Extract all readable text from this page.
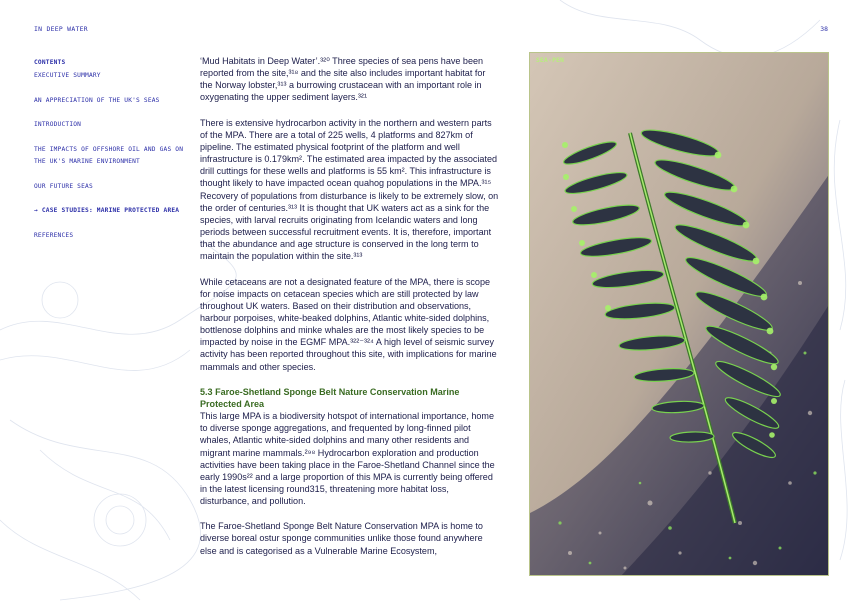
IN DEEP WATER	38
CONTENTS
EXECUTIVE SUMMARY
AN APPRECIATION OF THE UK'S SEAS
INTRODUCTION
THE IMPACTS OF OFFSHORE OIL AND GAS ON THE UK'S MARINE ENVIRONMENT
OUR FUTURE SEAS
→ CASE STUDIES: MARINE PROTECTED AREA
REFERENCES

‘Mud Habitats in Deep Water’.³²⁰ Three species of sea pens have been reported from the site,³¹⁸ and the site also includes important habitat for the Norway lobster,³¹³ a burrowing crustacean with an important role in oxygenating the upper sediment layers.³²¹

There is extensive hydrocarbon activity in the northern and western parts of the MPA. There are a total of 225 wells, 4 platforms and 827km of pipeline. The estimated physical footprint of the platform and well infrastructure is 0.179km². The estimated area impacted by the associated drill cuttings for these wells and platforms is 55 km². This infrastructure is thought likely to have impacted ocean quahog populations in the MPA.³¹⁵ Recovery of populations from disturbance is likely to be extremely slow, on the order of centuries.³¹³ It is thought that UK waters act as a sink for the species, with larval recruits originating from Icelandic waters and long periods between successful recruitment events. It is, therefore, important that the abundance and age structure is conserved in the long term to maintain the population within the site.³¹³

While cetaceans are not a designated feature of the MPA, there is scope for noise impacts on cetacean species which are still protected by law throughout UK waters. Based on their distribution and observations, harbour porpoises, white-beaked dolphins, Atlantic white-sided dolphins, bottlenose dolphins and minke whales are the most likely species to be impacted by noise in the EGMF MPA.³²²⁻³²⁴ A high level of seismic survey activity has been reported throughout this site, with implications for marine mammals and other species.

5.3 Faroe-Shetland Sponge Belt Nature Conservation Marine Protected Area

This large MPA is a biodiversity hotspot of international importance, home to diverse sponge aggregations, and frequented by long-finned pilot whales, Atlantic white-sided dolphins and many other residents and migrant marine mammals.²⁹⁸ Hydrocarbon exploration and production activities have been taking place in the Faroe-Shetland Channel since the early 1990s²² and a large proportion of this MPA is currently being offered in the latest licensing round315, threatening more habitat loss, disturbance, and pollution.

The Faroe-Shetland Sponge Belt Nature Conservation MPA is home to diverse boreal ostur sponge communities unlike those found anywhere else and is categorised as a Vulnerable Marine Ecosystem,

SEA-PEN
